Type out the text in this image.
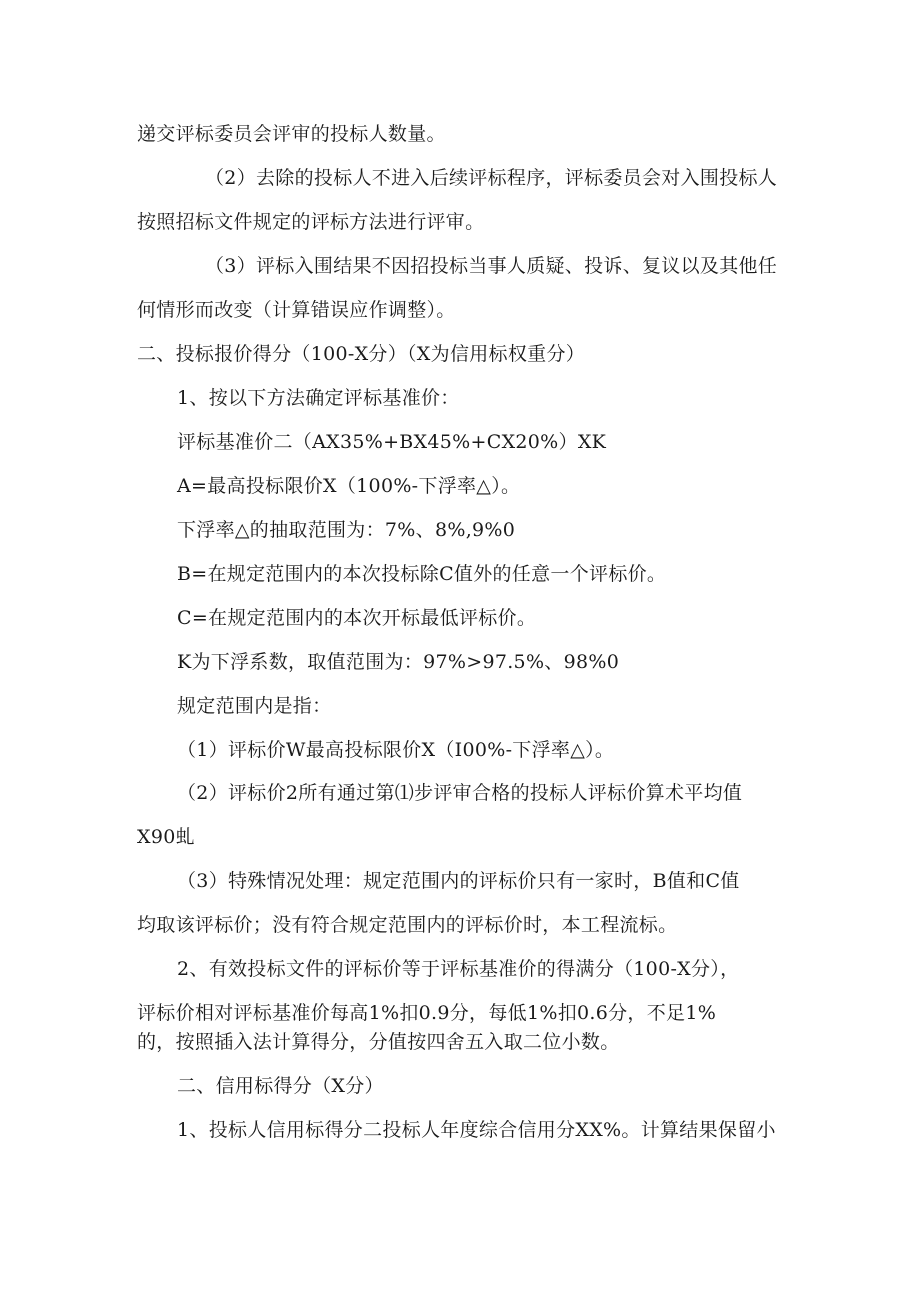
递交评标委员会评审的投标人数量。
（2）去除的投标人不进入后续评标程序，评标委员会对入围投标人
按照招标文件规定的评标方法进行评审。
（3）评标入围结果不因招投标当事人质疑、投诉、复议以及其他任
何情形而改变（计算错误应作调整）。
二、投标报价得分（100-X分）（X为信用标权重分）
1、按以下方法确定评标基准价：
评标基准价二（AX35%+BX45%+CX20%）XK
A=最高投标限价X（100%-下浮率△）。
下浮率△的抽取范围为：7%、8%,9%0
B=在规定范围内的本次投标除C值外的任意一个评标价。
C=在规定范围内的本次开标最低评标价。
K为下浮系数，取值范围为：97%>97.5%、98%0
规定范围内是指：
（1）评标价W最高投标限价X（I00%-下浮率△）。
（2）评标价2所有通过第⑴步评审合格的投标人评标价算术平均值
X90虬
（3）特殊情况处理：规定范围内的评标价只有一家时，B值和C值
均取该评标价；没有符合规定范围内的评标价时，本工程流标。
2、有效投标文件的评标价等于评标基准价的得满分（100-X分），
评标价相对评标基准价每高1%扣0.9分，每低1%扣0.6分，不足1%
的，按照插入法计算得分，分值按四舍五入取二位小数。
二、信用标得分（X分）
1、投标人信用标得分二投标人年度综合信用分XX%。计算结果保留小
